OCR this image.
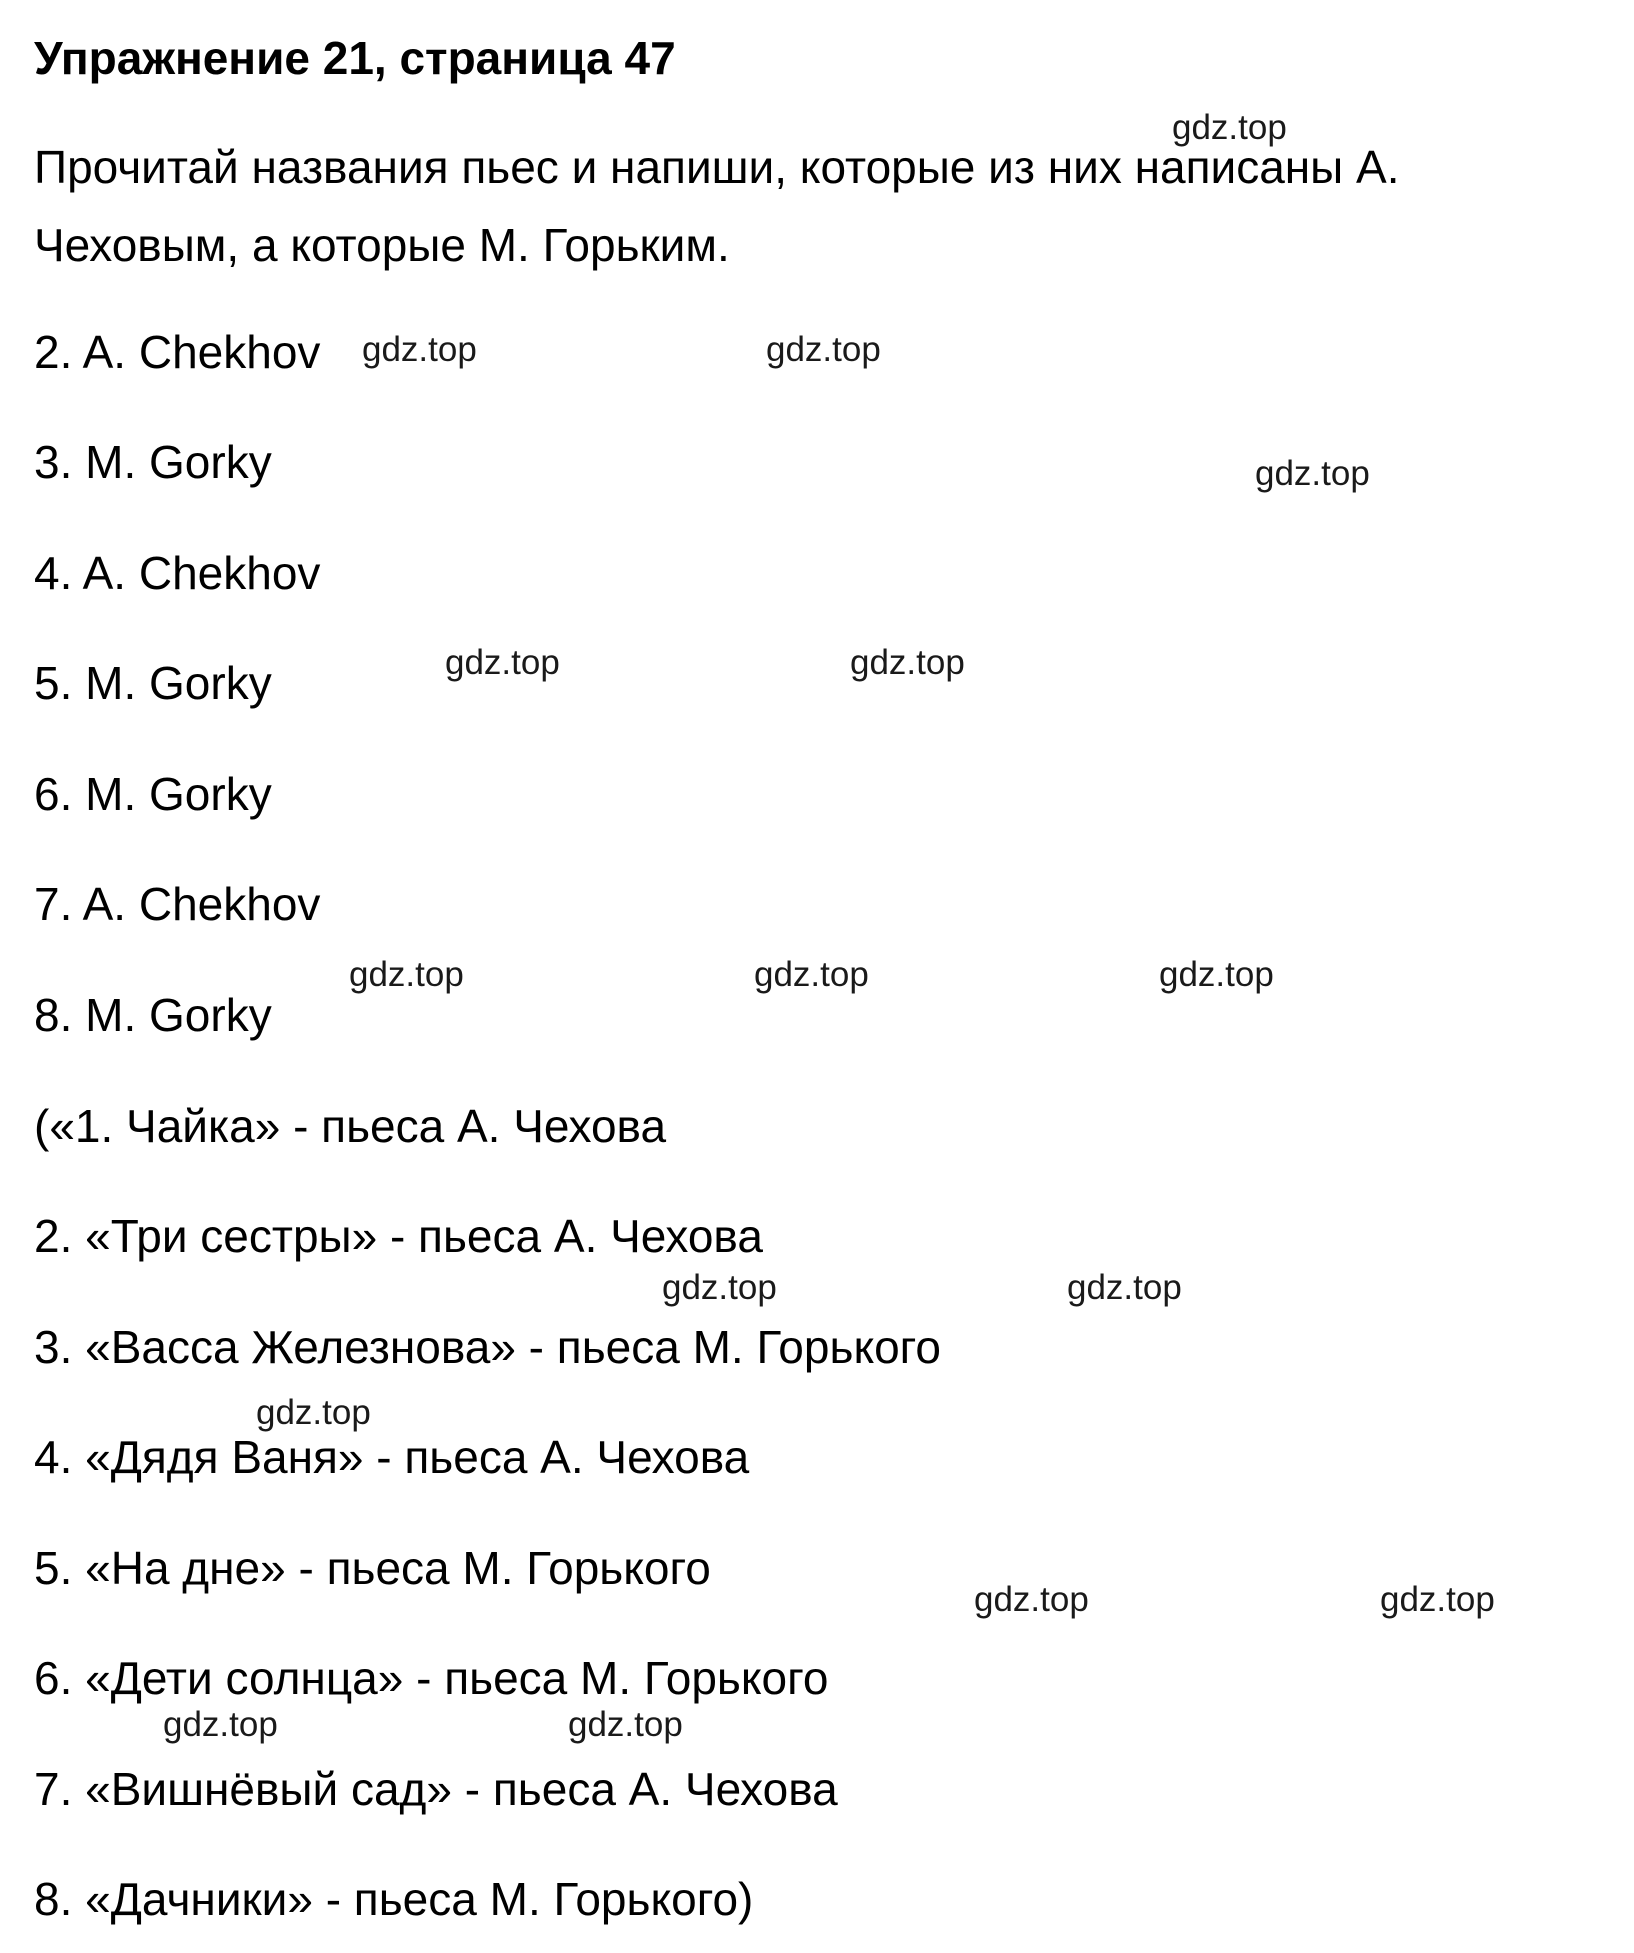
Упражнение 21, страница 47
Прочитай названия пьес и напиши, которые из них написаны А.
Чеховым, а которые М. Горьким.
2. A. Chekhov
3. M. Gorky
4. A. Chekhov
5. M. Gorky
6. M. Gorky
7. A. Chekhov
8. M. Gorky
(«1. Чайка» - пьеса А. Чехова
2. «Три сестры» - пьеса А. Чехова
3. «Васса Железнова» - пьеса М. Горького
4. «Дядя Ваня» - пьеса А. Чехова
5. «На дне» - пьеса М. Горького
6. «Дети солнца» - пьеса М. Горького
7. «Вишнёвый сад» - пьеса А. Чехова
8. «Дачники» - пьеса М. Горького)
gdz.top
gdz.top	gdz.top
gdz.top
gdz.top	gdz.top
gdz.top	gdz.top	gdz.top
gdz.top	gdz.top
gdz.top
gdz.top	gdz.top
gdz.top	gdz.top
